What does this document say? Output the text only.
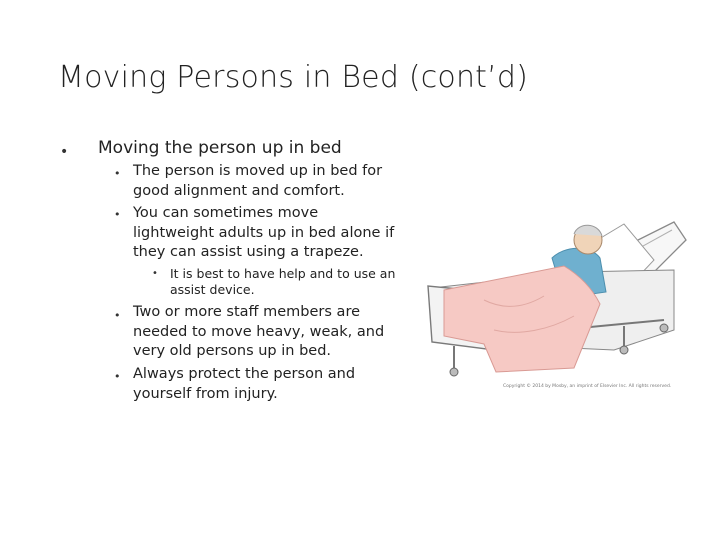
Moving Persons in Bed (cont’d)
• Moving the person up in bed
• The person is moved up in bed for good alignment and comfort.
• You can sometimes move lightweight adults up in bed alone if they can assist using a trapeze.
• It is best to have help and to use an assist device.
• Two or more staff members are needed to move heavy, weak, and very old persons up in bed.
• Always protect the person and yourself from injury.	Copyright © 2014 by Mosby, an imprint of Elsevier Inc. All rights reserved.
